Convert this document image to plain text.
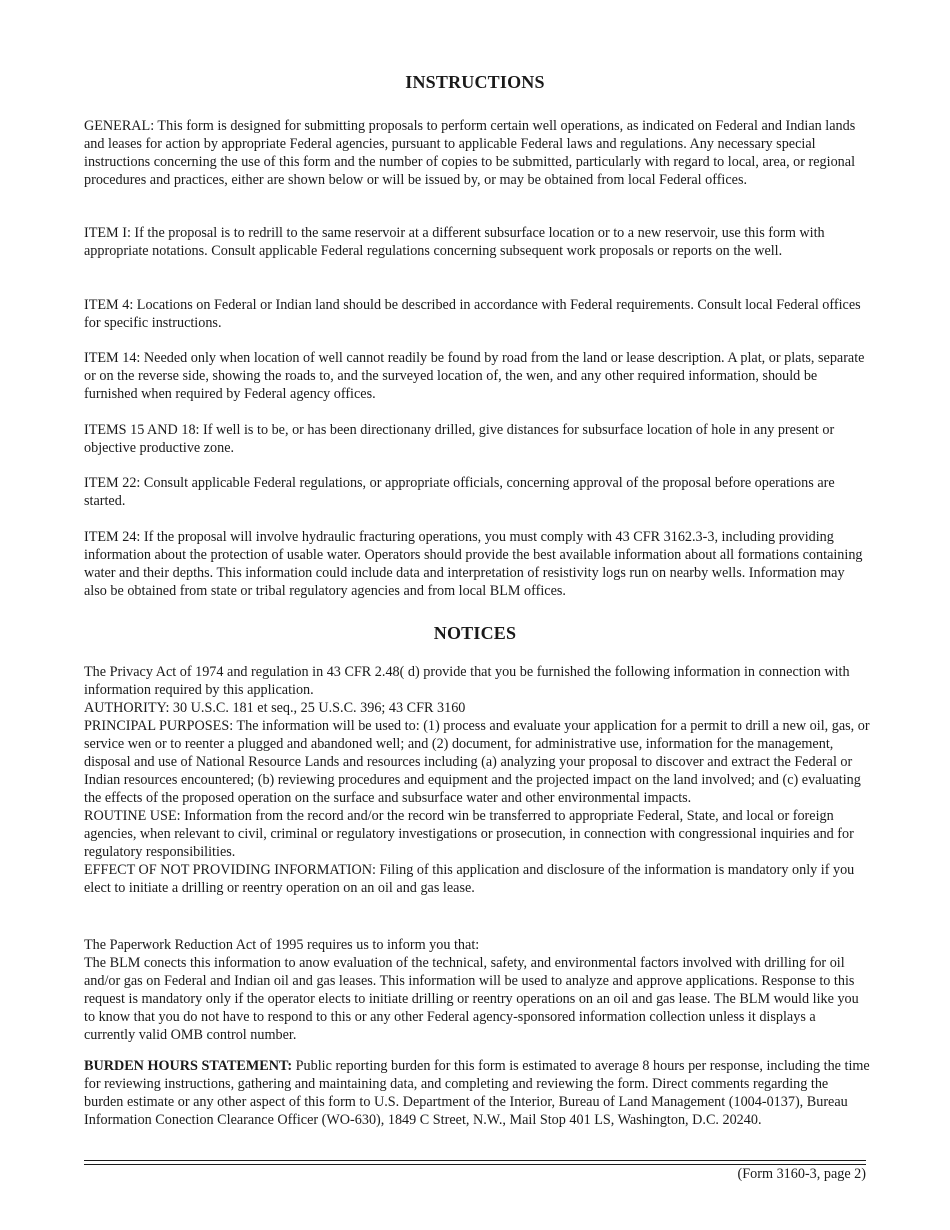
INSTRUCTIONS

GENERAL: This form is designed for submitting proposals to perform certain well operations, as indicated on Federal and Indian lands and leases for action by appropriate Federal agencies, pursuant to applicable Federal laws and regulations. Any necessary special instructions concerning the use of this form and the number of copies to be submitted, particularly with regard to local, area, or regional procedures and practices, either are shown below or will be issued by, or may be obtained from local Federal offices.

ITEM I: If the proposal is to redrill to the same reservoir at a different subsurface location or to a new reservoir, use this form with appropriate notations. Consult applicable Federal regulations concerning subsequent work proposals or reports on the well.

ITEM 4: Locations on Federal or Indian land should be described in accordance with Federal requirements. Consult local Federal offices for specific instructions.

ITEM 14: Needed only when location of well cannot readily be found by road from the land or lease description. A plat, or plats, separate or on the reverse side, showing the roads to, and the surveyed location of, the wen, and any other required information, should be furnished when required by Federal agency offices.

ITEMS 15 AND 18: If well is to be, or has been directionany drilled, give distances for subsurface location of hole in any present or objective productive zone.

ITEM 22: Consult applicable Federal regulations, or appropriate officials, concerning approval of the proposal before operations are started.

ITEM 24: If the proposal will involve hydraulic fracturing operations, you must comply with 43 CFR 3162.3-3, including providing information about the protection of usable water. Operators should provide the best available information about all formations containing water and their depths. This information could include data and interpretation of resistivity logs run on nearby wells. Information may also be obtained from state or tribal regulatory agencies and from local BLM offices.

NOTICES

The Privacy Act of 1974 and regulation in 43 CFR 2.48( d) provide that you be furnished the following information in connection with information required by this application.

AUTHORITY: 30 U.S.C. 181 et seq., 25 U.S.C. 396; 43 CFR 3160

PRINCIPAL PURPOSES: The information will be used to: (1) process and evaluate your application for a permit to drill a new oil, gas, or service wen or to reenter a plugged and abandoned well; and (2) document, for administrative use, information for the management, disposal and use of National Resource Lands and resources including (a) analyzing your proposal to discover and extract the Federal or Indian resources encountered; (b) reviewing procedures and equipment and the projected impact on the land involved; and (c) evaluating the effects of the proposed operation on the surface and subsurface water and other environmental impacts.

ROUTINE USE: Information from the record and/or the record win be transferred to appropriate Federal, State, and local or foreign agencies, when relevant to civil, criminal or regulatory investigations or prosecution, in connection with congressional inquiries and for regulatory responsibilities.

EFFECT OF NOT PROVIDING INFORMATION: Filing of this application and disclosure of the information is mandatory only if you elect to initiate a drilling or reentry operation on an oil and gas lease.

The Paperwork Reduction Act of 1995 requires us to inform you that:

The BLM conects this information to anow evaluation of the technical, safety, and environmental factors involved with drilling for oil and/or gas on Federal and Indian oil and gas leases. This information will be used to analyze and approve applications. Response to this request is mandatory only if the operator elects to initiate drilling or reentry operations on an oil and gas lease. The BLM would like you to know that you do not have to respond to this or any other Federal agency-sponsored information collection unless it displays a currently valid OMB control number.

BURDEN HOURS STATEMENT: Public reporting burden for this form is estimated to average 8 hours per response, including the time for reviewing instructions, gathering and maintaining data, and completing and reviewing the form. Direct comments regarding the burden estimate or any other aspect of this form to U.S. Department of the Interior, Bureau of Land Management (1004-0137), Bureau Information Conection Clearance Officer (WO-630), 1849 C Street, N.W., Mail Stop 401 LS, Washington, D.C. 20240.

(Form 3160-3, page 2)
